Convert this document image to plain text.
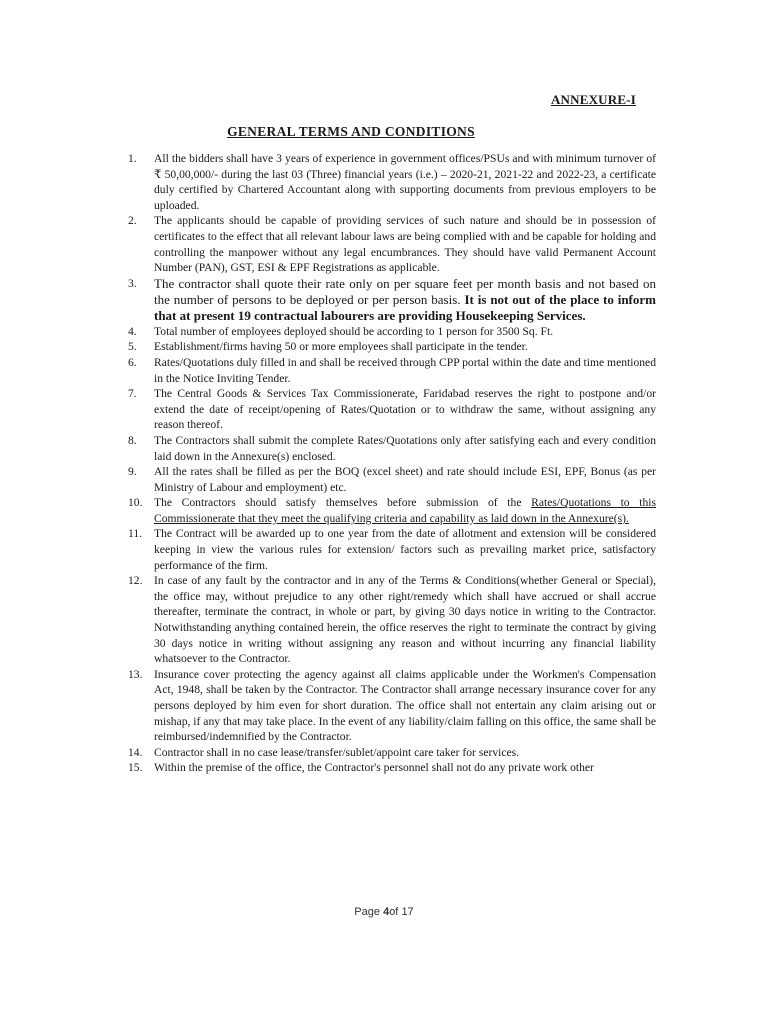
ANNEXURE-I
GENERAL TERMS AND CONDITIONS
1.	All the bidders shall have 3 years of experience in government offices/PSUs and with minimum turnover of ₹ 50,00,000/- during the last 03 (Three) financial years (i.e.) – 2020-21, 2021-22 and 2022-23, a certificate duly certified by Chartered Accountant along with supporting documents from previous employers to be uploaded.
2.	The applicants should be capable of providing services of such nature and should be in possession of certificates to the effect that all relevant labour laws are being complied with and be capable for holding and controlling the manpower without any legal encumbrances. They should have valid Permanent Account Number (PAN), GST, ESI & EPF Registrations as applicable.
3.	The contractor shall quote their rate only on per square feet per month basis and not based on the number of persons to be deployed or per person basis. It is not out of the place to inform that at present 19 contractual labourers are providing Housekeeping Services.
4.	Total number of employees deployed should be according to 1 person for 3500 Sq. Ft.
5.	Establishment/firms having 50 or more employees shall participate in the tender.
6.	Rates/Quotations duly filled in and shall be received through CPP portal within the date and time mentioned in the Notice Inviting Tender.
7.	The Central Goods & Services Tax Commissionerate, Faridabad reserves the right to postpone and/or extend the date of receipt/opening of Rates/Quotation or to withdraw the same, without assigning any reason thereof.
8.	The Contractors shall submit the complete Rates/Quotations only after satisfying each and every condition laid down in the Annexure(s) enclosed.
9.	All the rates shall be filled as per the BOQ (excel sheet) and rate should include ESI, EPF, Bonus (as per Ministry of Labour and employment) etc.
10. The Contractors should satisfy themselves before submission of the Rates/Quotations to this Commissionerate that they meet the qualifying criteria and capability as laid down in the Annexure(s).
11.	The Contract will be awarded up to one year from the date of allotment and extension will be considered keeping in view the various rules for extension/ factors such as prevailing market price, satisfactory performance of the firm.
12. In case of any fault by the contractor and in any of the Terms & Conditions(whether General or Special), the office may, without prejudice to any other right/remedy which shall have accrued or shall accrue thereafter, terminate the contract, in whole or part, by giving 30 days notice in writing to the Contractor. Notwithstanding anything contained herein, the office reserves the right to terminate the contract by giving 30 days notice in writing without assigning any reason and without incurring any financial liability whatsoever to the Contractor.
13. Insurance cover protecting the agency against all claims applicable under the Workmen's Compensation Act, 1948, shall be taken by the Contractor. The Contractor shall arrange necessary insurance cover for any persons deployed by him even for short duration. The office shall not entertain any claim arising out or mishap, if any that may take place. In the event of any liability/claim falling on this office, the same shall be reimbursed/indemnified by the Contractor.
14. Contractor shall in no case lease/transfer/sublet/appoint care taker for services.
15. Within the premise of the office, the Contractor's personnel shall not do any private work other
Page 4of 17
